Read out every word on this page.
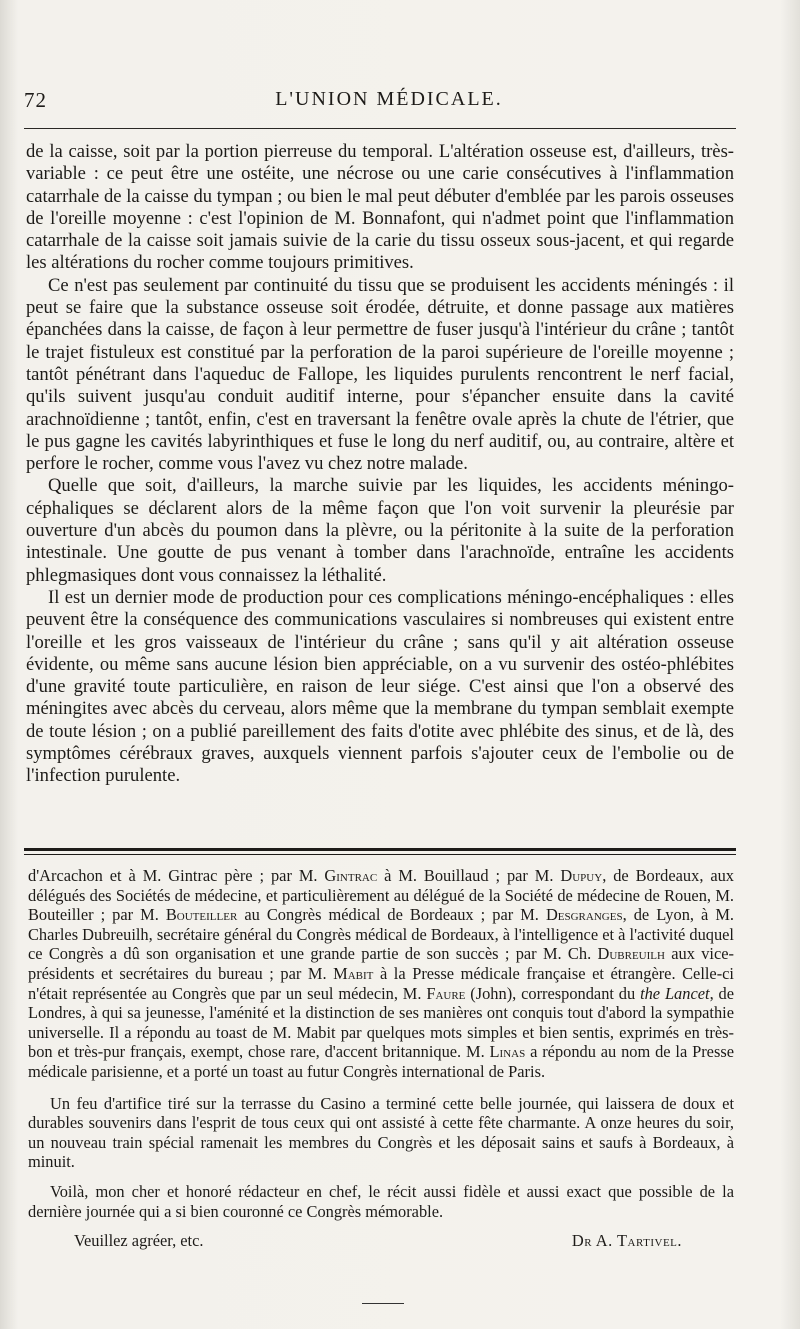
72	L'UNION MÉDICALE.

de la caisse, soit par la portion pierreuse du temporal. L'altération osseuse est, d'ailleurs, très-variable : ce peut être une ostéite, une nécrose ou une carie consécutives à l'inflammation catarrhale de la caisse du tympan ; ou bien le mal peut débuter d'emblée par les parois osseuses de l'oreille moyenne : c'est l'opinion de M. Bonnafont, qui n'admet point que l'inflammation catarrhale de la caisse soit jamais suivie de la carie du tissu osseux sous-jacent, et qui regarde les altérations du rocher comme toujours primitives.

Ce n'est pas seulement par continuité du tissu que se produisent les accidents méningés : il peut se faire que la substance osseuse soit érodée, détruite, et donne passage aux matières épanchées dans la caisse, de façon à leur permettre de fuser jusqu'à l'intérieur du crâne ; tantôt le trajet fistuleux est constitué par la perforation de la paroi supérieure de l'oreille moyenne ; tantôt pénétrant dans l'aqueduc de Fallope, les liquides purulents rencontrent le nerf facial, qu'ils suivent jusqu'au conduit auditif interne, pour s'épancher ensuite dans la cavité arachnoïdienne ; tantôt, enfin, c'est en traversant la fenêtre ovale après la chute de l'étrier, que le pus gagne les cavités labyrinthiques et fuse le long du nerf auditif, ou, au contraire, altère et perfore le rocher, comme vous l'avez vu chez notre malade.

Quelle que soit, d'ailleurs, la marche suivie par les liquides, les accidents méningo-céphaliques se déclarent alors de la même façon que l'on voit survenir la pleurésie par ouverture d'un abcès du poumon dans la plèvre, ou la péritonite à la suite de la perforation intestinale. Une goutte de pus venant à tomber dans l'arachnoïde, entraîne les accidents phlegmasiques dont vous connaissez la léthalité.

Il est un dernier mode de production pour ces complications méningo-encéphaliques : elles peuvent être la conséquence des communications vasculaires si nombreuses qui existent entre l'oreille et les gros vaisseaux de l'intérieur du crâne ; sans qu'il y ait altération osseuse évidente, ou même sans aucune lésion bien appréciable, on a vu survenir des ostéo-phlébites d'une gravité toute particulière, en raison de leur siége. C'est ainsi que l'on a observé des méningites avec abcès du cerveau, alors même que la membrane du tympan semblait exempte de toute lésion ; on a publié pareillement des faits d'otite avec phlébite des sinus, et de là, des symptômes cérébraux graves, auxquels viennent parfois s'ajouter ceux de l'embolie ou de l'infection purulente.

d'Arcachon et à M. Gintrac père ; par M. Gintrac à M. Bouillaud ; par M. Dupuy, de Bordeaux, aux délégués des Sociétés de médecine, et particulièrement au délégué de la Société de médecine de Rouen, M. Bouteiller ; par M. Bouteiller au Congrès médical de Bordeaux ; par M. Desgranges, de Lyon, à M. Charles Dubreuilh, secrétaire général du Congrès médical de Bordeaux, à l'intelligence et à l'activité duquel ce Congrès a dû son organisation et une grande partie de son succès ; par M. Ch. Dubreuilh aux vice-présidents et secrétaires du bureau ; par M. Mabit à la Presse médicale française et étrangère. Celle-ci n'était représentée au Congrès que par un seul médecin, M. Faure (John), correspondant du the Lancet, de Londres, à qui sa jeunesse, l'aménité et la distinction de ses manières ont conquis tout d'abord la sympathie universelle. Il a répondu au toast de M. Mabit par quelques mots simples et bien sentis, exprimés en très-bon et très-pur français, exempt, chose rare, d'accent britannique. M. Linas a répondu au nom de la Presse médicale parisienne, et a porté un toast au futur Congrès international de Paris.

Un feu d'artifice tiré sur la terrasse du Casino a terminé cette belle journée, qui laissera de doux et durables souvenirs dans l'esprit de tous ceux qui ont assisté à cette fête charmante. A onze heures du soir, un nouveau train spécial ramenait les membres du Congrès et les déposait sains et saufs à Bordeaux, à minuit.

Voilà, mon cher et honoré rédacteur en chef, le récit aussi fidèle et aussi exact que possible de la dernière journée qui a si bien couronné ce Congrès mémorable.

Veuillez agréer, etc.	Dr A. Tartivel.
